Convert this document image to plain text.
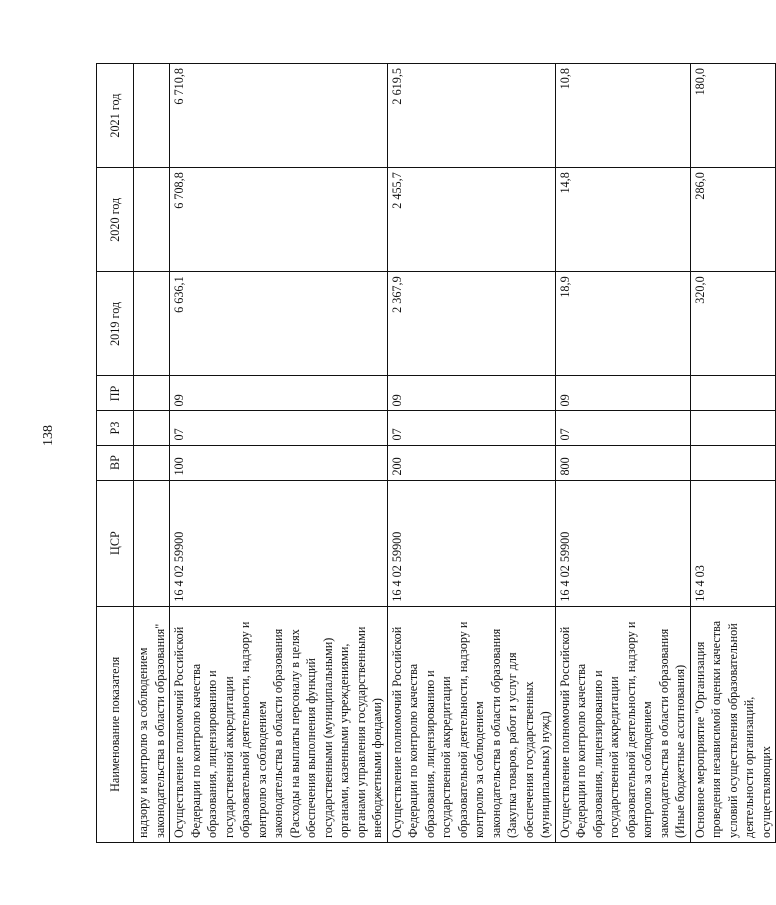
138
Наименование показателя	ЦСР	ВР	РЗ	ПР	2019 год	2020 год	2021 год
надзору и контролю за соблюдением законодательства в области образования"							
Осуществление полномочий Российской Федерации по контролю качества образования, лицензированию и государственной аккредитации образовательной деятельности, надзору и контролю за соблюдением законодательства в области образования (Расходы на выплаты персоналу в целях обеспечения выполнения функций государственными (муниципальными) органами, казенными учреждениями, органами управления государственными внебюджетными фондами)	16 4 02 59900	100	07	09	6 636,1	6 708,8	6 710,8
Осуществление полномочий Российской Федерации по контролю качества образования, лицензированию и государственной аккредитации образовательной деятельности, надзору и контролю за соблюдением законодательства в области образования (Закупка товаров, работ и услуг для обеспечения государственных (муниципальных) нужд)	16 4 02 59900	200	07	09	2 367,9	2 455,7	2 619,5
Осуществление полномочий Российской Федерации по контролю качества образования, лицензированию и государственной аккредитации образовательной деятельности, надзору и контролю за соблюдением законодательства в области образования (Иные бюджетные ассигнования)	16 4 02 59900	800	07	09	18,9	14,8	10,8
Основное мероприятие "Организация проведения независимой оценки качества условий осуществления образовательной деятельности организаций, осуществляющих	16 4 03				320,0	286,0	180,0
